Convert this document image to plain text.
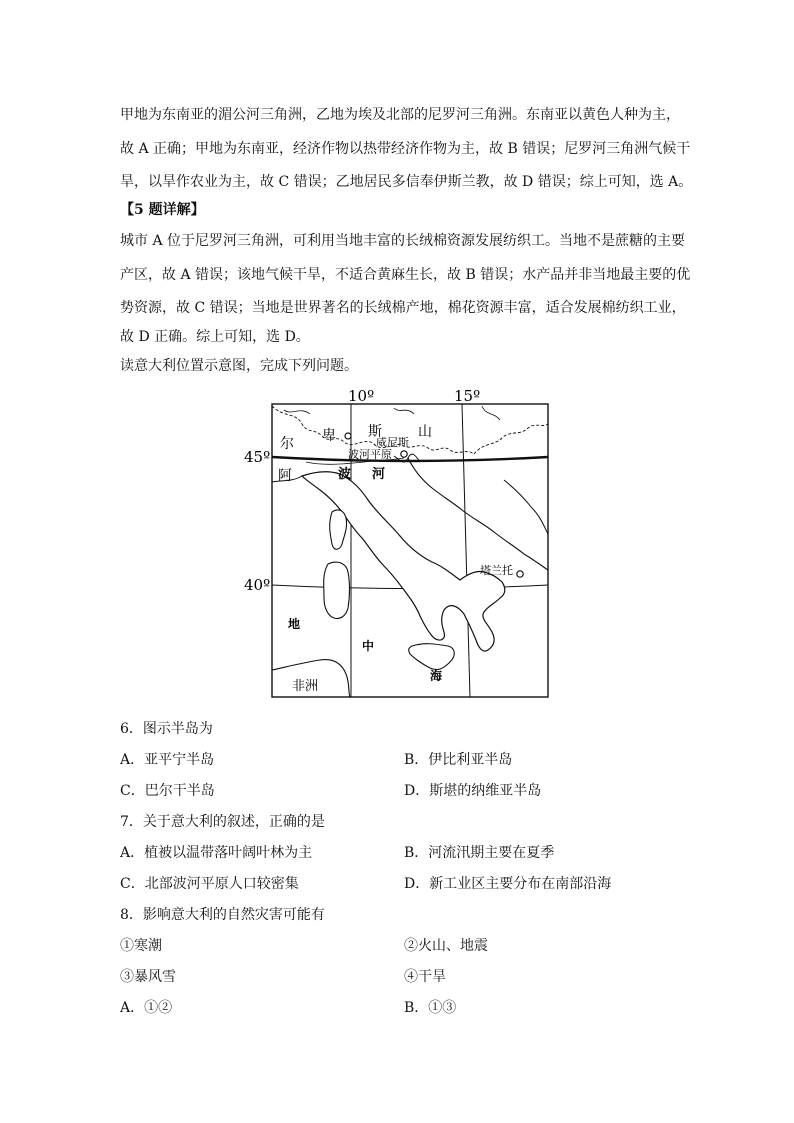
甲地为东南亚的湄公河三角洲，乙地为埃及北部的尼罗河三角洲。东南亚以黄色人种为主，
故 A 正确；甲地为东南亚，经济作物以热带经济作物为主，故 B 错误；尼罗河三角洲气候干
旱，以旱作农业为主，故 C 错误；乙地居民多信奉伊斯兰教，故 D 错误；综上可知，选 A。
【5 题详解】
城市 A 位于尼罗河三角洲，可利用当地丰富的长绒棉资源发展纺织工。当地不是蔗糖的主要
产区，故 A 错误；该地气候干旱，不适合黄麻生长，故 B 错误；水产品并非当地最主要的优
势资源，故 C 错误；当地是世界著名的长绒棉产地，棉花资源丰富，适合发展棉纺织工业，
故 D 正确。综上可知，选 D。
读意大利位置示意图，完成下列问题。
10º	15º
45º
40º
尔 卑 斯	山
阿	波 河
威尼斯
波河平原
塔兰托
地
中
海
非洲
6．图示半岛为
A．亚平宁半岛	B．伊比利亚半岛
C．巴尔干半岛	D．斯堪的纳维亚半岛
7．关于意大利的叙述，正确的是
A．植被以温带落叶阔叶林为主	B．河流汛期主要在夏季
C．北部波河平原人口较密集	D．新工业区主要分布在南部沿海
8．影响意大利的自然灾害可能有
①寒潮	②火山、地震
③暴风雪	④干旱
A．①②	B．①③
